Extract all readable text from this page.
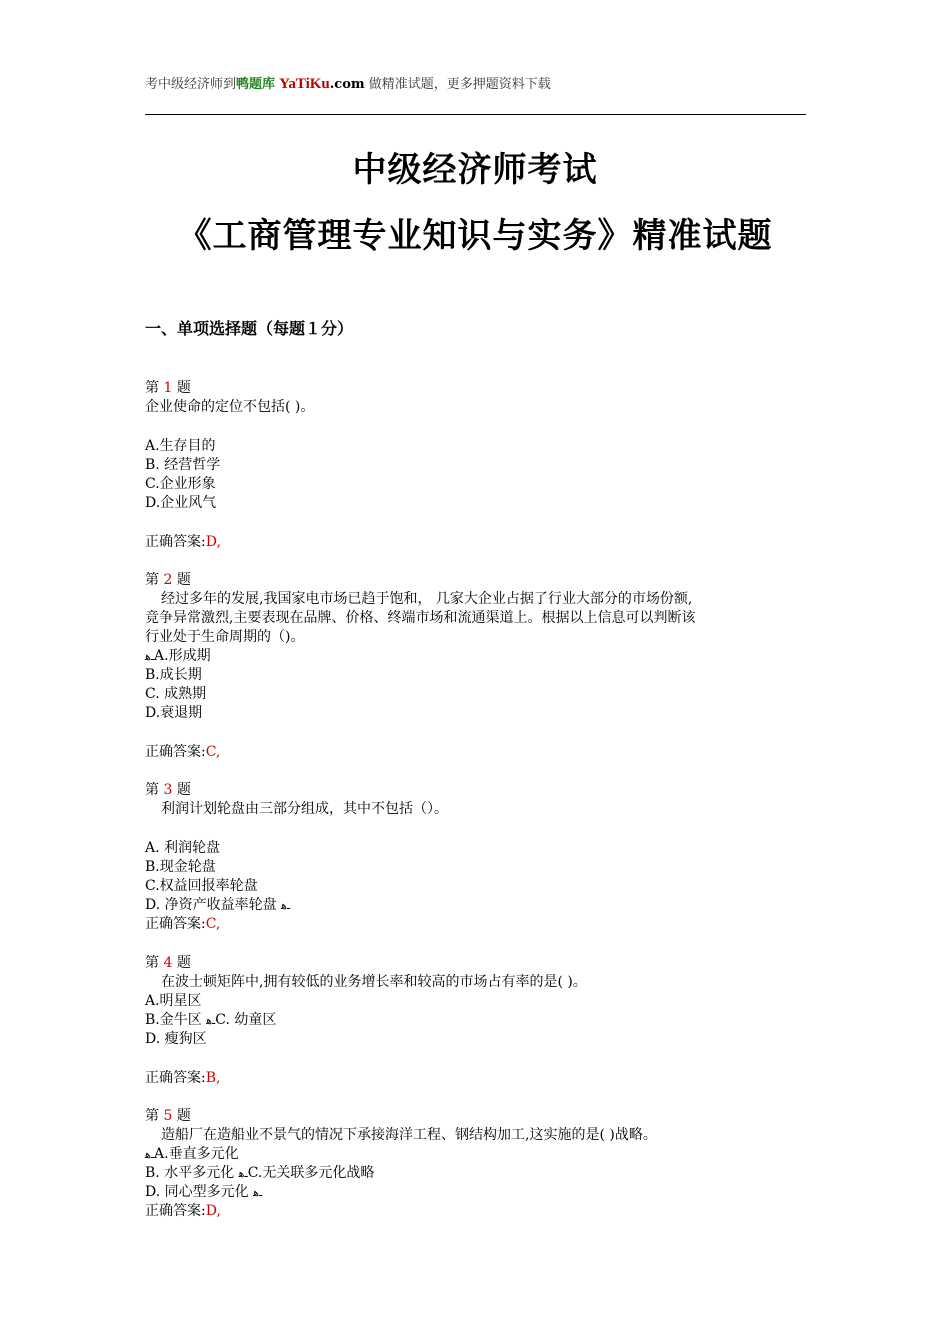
考中级经济师到鸭题库 YaTiKu.com 做精准试题，更多押题资料下载
中级经济师考试
《工商管理专业知识与实务》精准试题
一、单项选择题（每题１分）
第 1 题
企业使命的定位不包括( )。
A.生存目的
B. 经营哲学
C.企业形象
D.企业风气
正确答案:D,
第 2 题
经过多年的发展,我国家电市场已趋于饱和， 几家大企业占据了行业大部分的市场份额,
竞争异常激烈,主要表现在品牌、价格、终端市场和流通渠道上。根据以上信息可以判断该
行业处于生命周期的（)。
ـﻫA.形成期
B.成长期
C. 成熟期
D.衰退期
正确答案:C,
第 3 题
利润计划轮盘由三部分组成，其中不包括（）。
A. 利润轮盘
B.现金轮盘
C.权益回报率轮盘
D. 净资产收益率轮盘 ـﻫ
正确答案:C,
第 4 题
在波士顿矩阵中,拥有较低的业务增长率和较高的市场占有率的是( )。
A.明星区
B.金牛区 ـﻫC. 幼童区
D. 瘦狗区
正确答案:B,
第 5 题
造船厂在造船业不景气的情况下承接海洋工程、钢结构加工,这实施的是( )战略。
ـﻫA.垂直多元化
B. 水平多元化 ـﻫC.无关联多元化战略
D. 同心型多元化 ـﻫ
正确答案:D,
